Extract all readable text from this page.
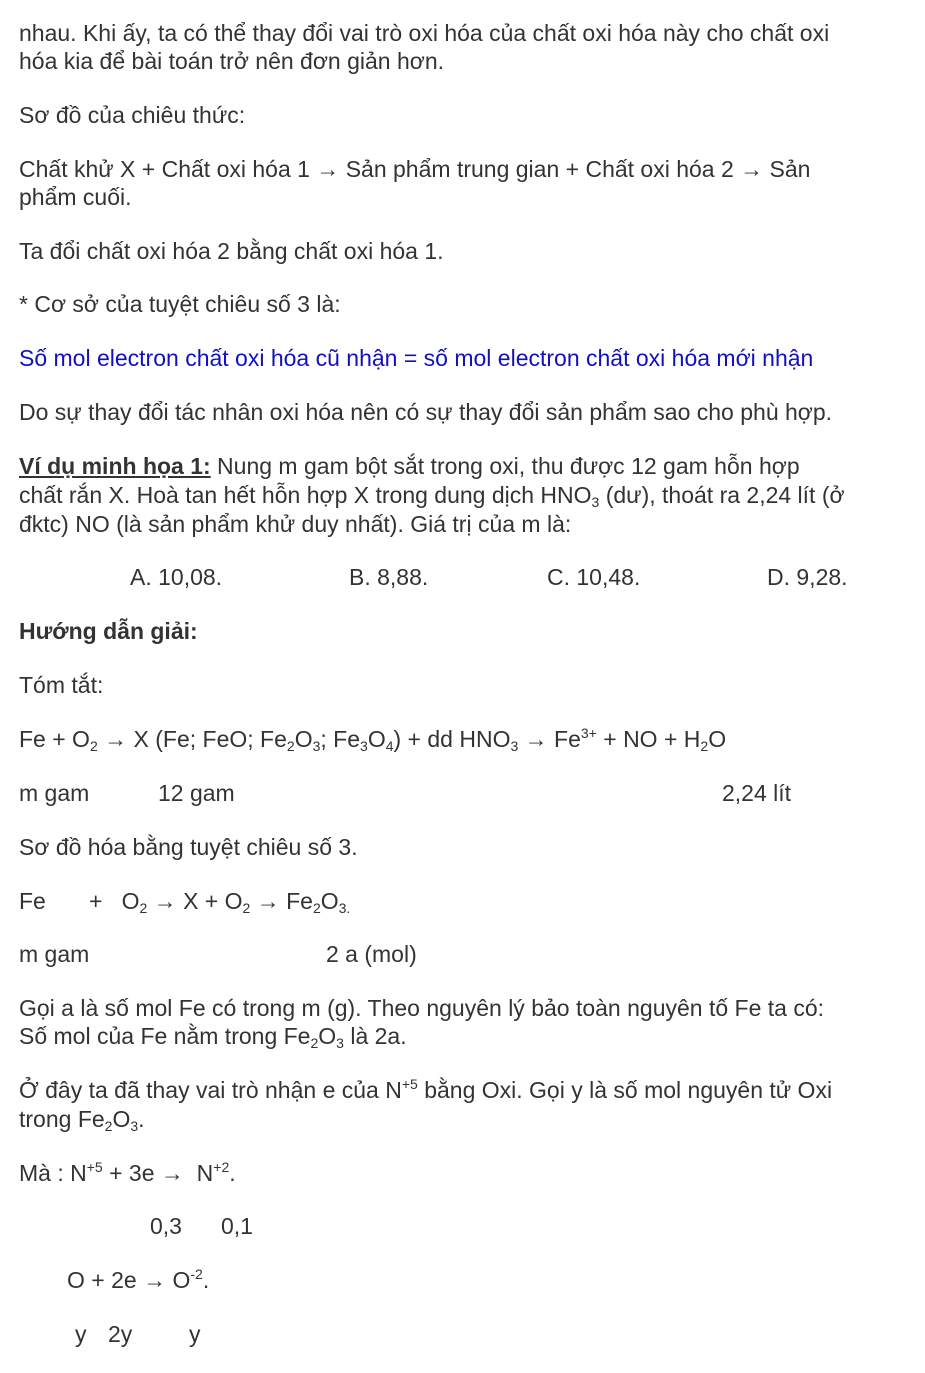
nhau. Khi ấy, ta có thể thay đổi vai trò oxi hóa của chất oxi hóa này cho chất oxi
hóa kia để bài toán trở nên đơn giản hơn.
Sơ đồ của chiêu thức:
Chất khử X + Chất oxi hóa 1 → Sản phẩm trung gian + Chất oxi hóa 2 → Sản
phẩm cuối.
Ta đổi chất oxi hóa 2 bằng chất oxi hóa 1.
* Cơ sở của tuyệt chiêu số 3 là:
Số mol electron chất oxi hóa cũ nhận = số mol electron chất oxi hóa mới nhận
Do sự thay đổi tác nhân oxi hóa nên có sự thay đổi sản phẩm sao cho phù hợp.
Ví dụ minh họa 1: Nung m gam bột sắt trong oxi, thu được 12 gam hỗn hợp
chất rắn X. Hoà tan hết hỗn hợp X trong dung dịch $HNO_3$ (dư), thoát ra 2,24 lít (ở
đktc) NO (là sản phẩm khử duy nhất). Giá trị của m là:
A. 10,08.	B. 8,88.	C. 10,48.	D. 9,28.
Hướng dẫn giải:
Tóm tắt:
$Fe + O_2 \to X$ (Fe; FeO; $Fe_2O_3$; $Fe_3O_4$) + dd $HNO_3 \to Fe^{3+}$ + NO + $H_2O$
m gam	12 gam	2,24 lít
Sơ đồ hóa bằng tuyệt chiêu số 3.
$Fe + O_2 \to X + O_2 \to Fe_2O_{3.}$
m gam	2 a (mol)
Gọi a là số mol Fe có trong m (g). Theo nguyên lý bảo toàn nguyên tố Fe ta có:
Số mol của Fe nằm trong $Fe_2O_3$ là 2a.
Ở đây ta đã thay vai trò nhận e của $N^{+5}$ bằng Oxi. Gọi y là số mol nguyên tử Oxi
trong $Fe_2O_3$.
Mà : $N^{+5} + 3e \to N^{+2}$.
0,3 0,1
$O + 2e \to O^{-2}$.
y 2y y
